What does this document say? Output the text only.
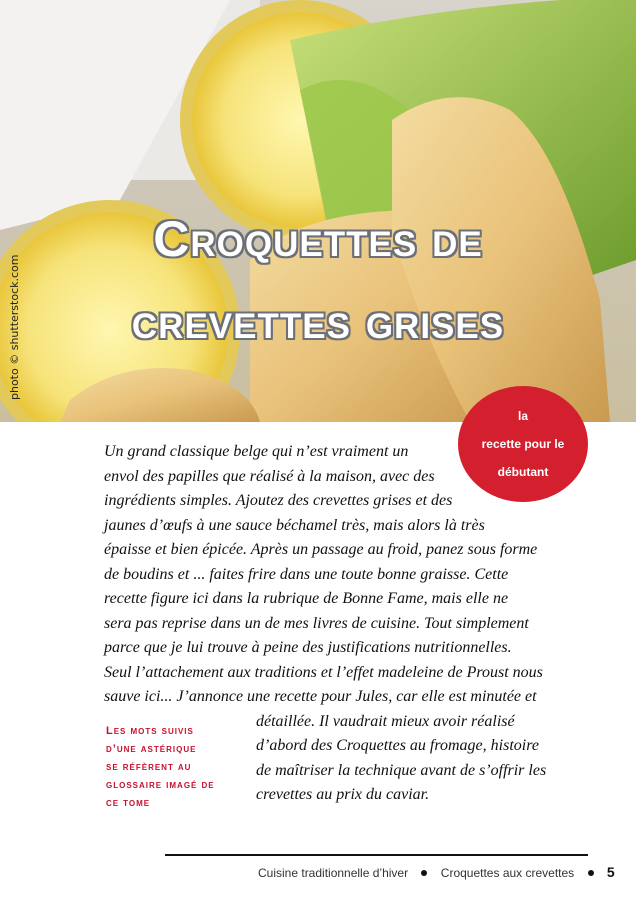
photo © shutterstock.com
Croquettes de
crevettes grises
la
recette pour le
débutant
Un grand classique belge qui n’est vraiment un
envol des papilles que réalisé à la maison, avec des
ingrédients simples. Ajoutez des crevettes grises et des
jaunes d’œufs à une sauce béchamel très, mais alors là très
épaisse et bien épicée. Après un passage au froid, panez sous forme
de boudins et ... faites frire dans une toute bonne graisse. Cette
recette figure ici dans la rubrique de Bonne Fame, mais elle ne
sera pas reprise dans un de mes livres de cuisine. Tout simplement
parce que je lui trouve à peine des justifications nutritionnelles.
Seul l’attachement aux traditions et l’effet madeleine de Proust nous
sauve ici... J’annonce une recette pour Jules, car elle est minutée et
détaillée. Il vaudrait mieux avoir réalisé
d’abord des Croquettes au fromage, histoire
de maîtriser la technique avant de s’offrir les
crevettes au prix du caviar.
Les mots suivis
d’une astérique
se réfèrent au
glossaire imagé de
ce tome
Cuisine traditionnelle d’hiver	Croquettes aux crevettes 5
